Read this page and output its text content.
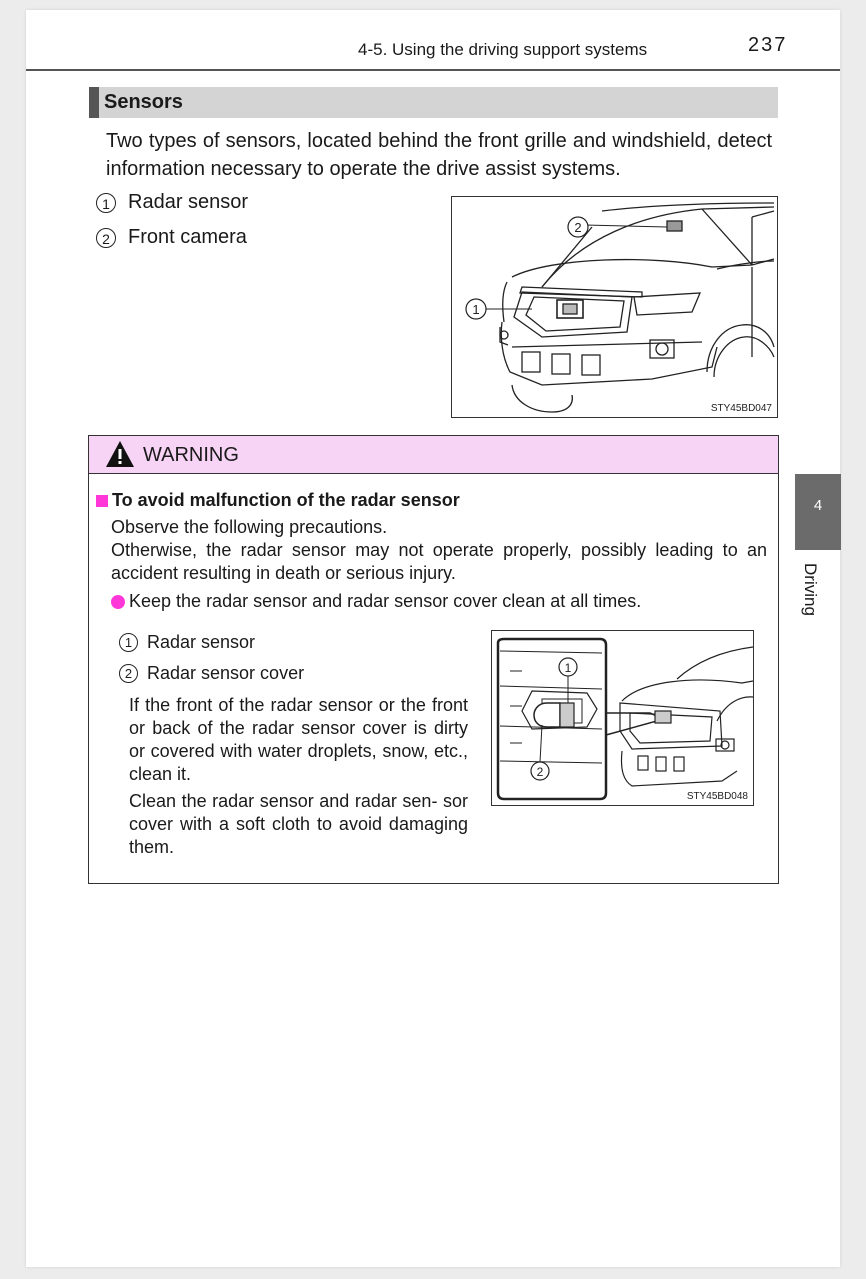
4-5. Using the driving support systems	237
Sensors
Two types of sensors, located behind the front grille and windshield, detect information necessary to operate the drive assist systems.
1 Radar sensor
2 Front camera	2
1
STY45BD047
WARNING
To avoid malfunction of the radar sensor
Observe the following precautions.
Otherwise, the radar sensor may not operate properly, possibly leading to an accident resulting in death or serious injury.
Keep the radar sensor and radar sensor cover clean at all times.
1 Radar sensor
2 Radar sensor cover
If the front of the radar sensor or the front or back of the radar sensor cover is dirty or covered with water droplets, snow, etc., clean it.
Clean the radar sensor and radar sen- sor cover with a soft cloth to avoid damaging them.
1
2
STY45BD048
4
Driving
